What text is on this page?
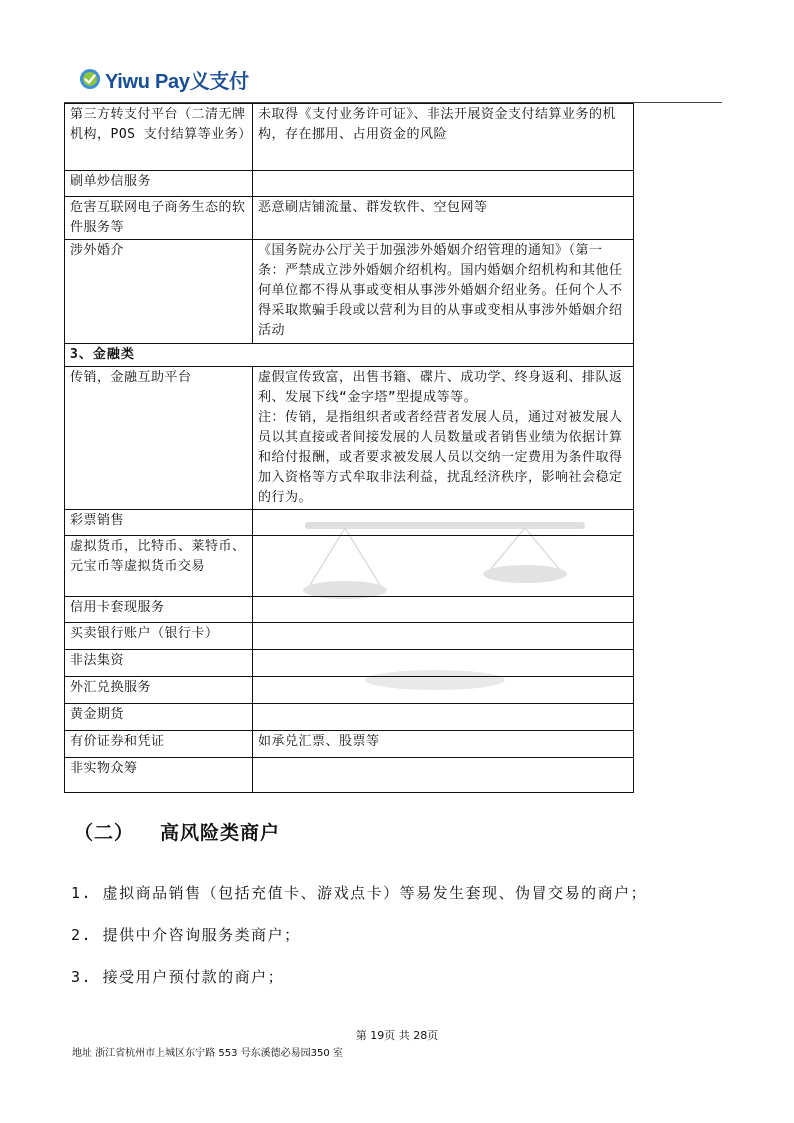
Yiwu Pay义支付
第三方转支付平台（二清无牌机构，POS 支付结算等业务）	未取得《支付业务许可证》、非法开展资金支付结算业务的机构，存在挪用、占用资金的风险

刷单炒信服务	

危害互联网电子商务生态的软件服务等	恶意刷店铺流量、群发软件、空包网等

涉外婚介	《国务院办公厅关于加强涉外婚姻介绍管理的通知》（第一条：严禁成立涉外婚姻介绍机构。国内婚姻介绍机构和其他任何单位都不得从事或变相从事涉外婚姻介绍业务。任何个人不得采取欺骗手段或以营利为目的从事或变相从事涉外婚姻介绍活动

3、金融类	
传销，金融互助平台	虚假宣传致富，出售书籍、碟片、成功学、终身返利、排队返利、发展下线“金字塔”型提成等等。
注：传销，是指组织者或者经营者发展人员，通过对被发展人员以其直接或者间接发展的人员数量或者销售业绩为依据计算和给付报酬，或者要求被发展人员以交纳一定费用为条件取得加入资格等方式牟取非法利益，扰乱经济秩序，影响社会稳定的行为。

彩票销售	

虚拟货币，比特币、莱特币、元宝币等虚拟货币交易	

信用卡套现服务	

买卖银行账户（银行卡）	

非法集资	

外汇兑换服务	

黄金期货	

有价证券和凭证	如承兑汇票、股票等

非实物众筹	
（二） 高风险类商户
1. 虚拟商品销售（包括充值卡、游戏点卡）等易发生套现、伪冒交易的商户；
2. 提供中介咨询服务类商户；
3. 接受用户预付款的商户；
第 19页 共 28页
地址 浙江省杭州市上城区东宁路 553 号东溪德必易园350 室
